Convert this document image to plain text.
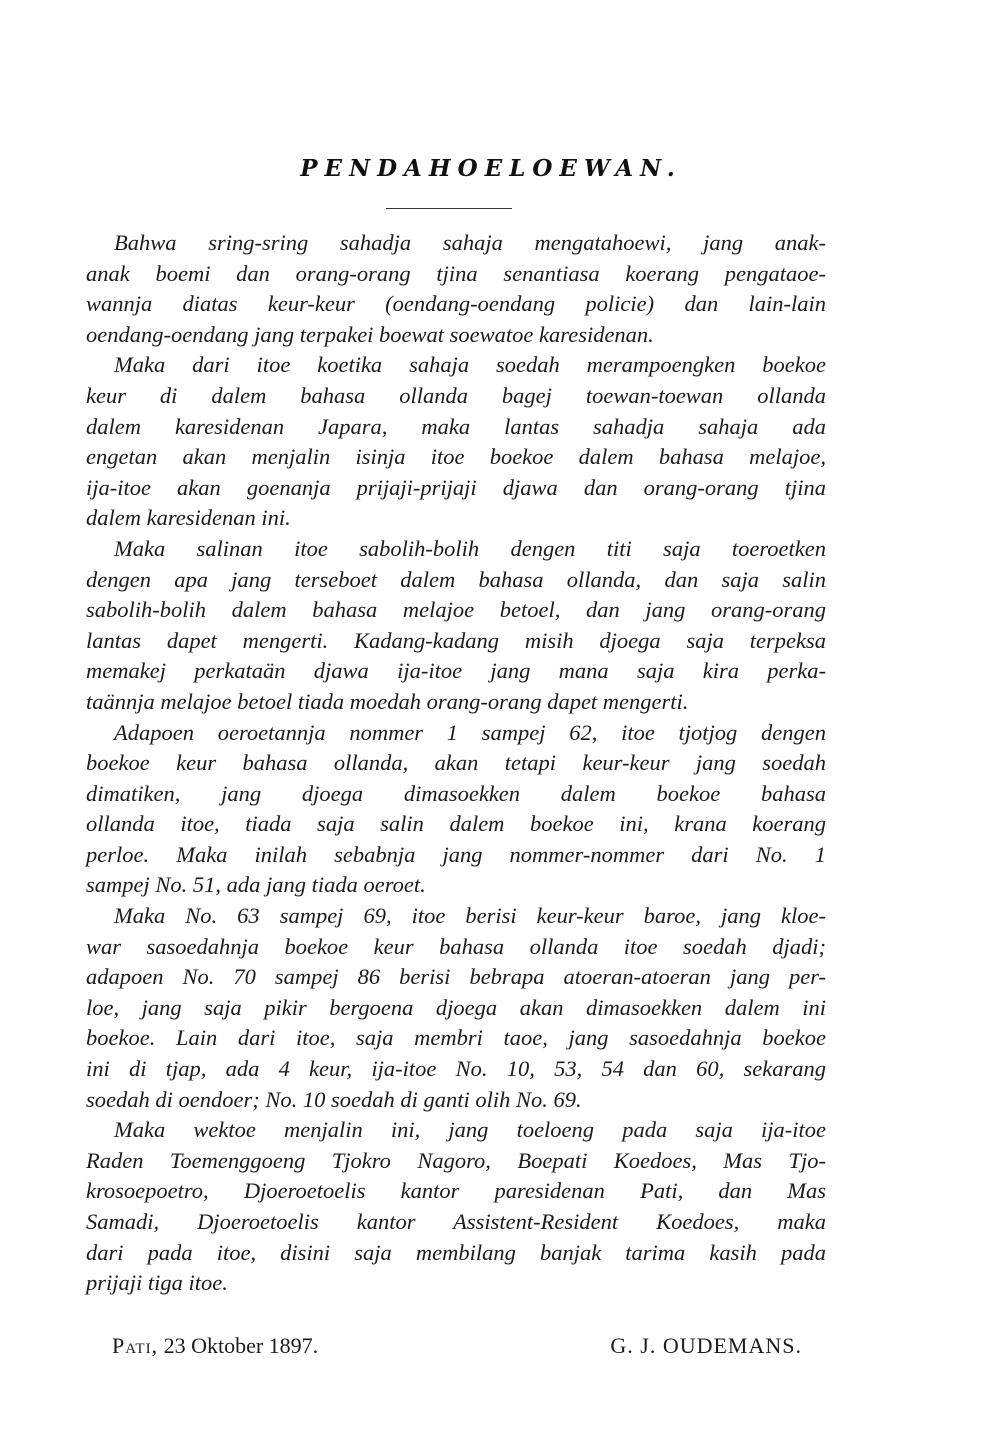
PENDAHOELOEWAN.
Bahwa sring-sring sahadja sahaja mengatahoewi, jang anak-
anak boemi dan orang-orang tjina senantiasa koerang pengataoe-
wannja diatas keur-keur (oendang-oendang policie) dan lain-lain
oendang-oendang jang terpakei boewat soewatoe karesidenan.
Maka dari itoe koetika sahaja soedah merampoengken boekoe
keur di dalem bahasa ollanda bagej toewan-toewan ollanda
dalem karesidenan Japara, maka lantas sahadja sahaja ada
engetan akan menjalin isinja itoe boekoe dalem bahasa melajoe,
ija-itoe akan goenanja prijaji-prijaji djawa dan orang-orang tjina
dalem karesidenan ini.
Maka salinan itoe sabolih-bolih dengen titi saja toeroetken
dengen apa jang terseboet dalem bahasa ollanda, dan saja salin
sabolih-bolih dalem bahasa melajoe betoel, dan jang orang-orang
lantas dapet mengerti. Kadang-kadang misih djoega saja terpeksa
memakej perkataän djawa ija-itoe jang mana saja kira perka-
taännja melajoe betoel tiada moedah orang-orang dapet mengerti.
Adapoen oeroetannja nommer 1 sampej 62, itoe tjotjog dengen
boekoe keur bahasa ollanda, akan tetapi keur-keur jang soedah
dimatiken, jang djoega dimasoekken dalem boekoe bahasa
ollanda itoe, tiada saja salin dalem boekoe ini, krana koerang
perloe. Maka inilah sebabnja jang nommer-nommer dari No. 1
sampej No. 51, ada jang tiada oeroet.
Maka No. 63 sampej 69, itoe berisi keur-keur baroe, jang kloe-
war sasoedahnja boekoe keur bahasa ollanda itoe soedah djadi;
adapoen No. 70 sampej 86 berisi bebrapa atoeran-atoeran jang per-
loe, jang saja pikir bergoena djoega akan dimasoekken dalem ini
boekoe. Lain dari itoe, saja membri taoe, jang sasoedahnja boekoe
ini di tjap, ada 4 keur, ija-itoe No. 10, 53, 54 dan 60, sekarang
soedah di oendoer; No. 10 soedah di ganti olih No. 69.
Maka wektoe menjalin ini, jang toeloeng pada saja ija-itoe
Raden Toemenggoeng Tjokro Nagoro, Boepati Koedoes, Mas Tjo-
krosoepoetro, Djoeroetoelis kantor paresidenan Pati, dan Mas
Samadi, Djoeroetoelis kantor Assistent-Resident Koedoes, maka
dari pada itoe, disini saja membilang banjak tarima kasih pada
prijaji tiga itoe.
Pati, 23 Oktober 1897.	G. J. OUDEMANS.
